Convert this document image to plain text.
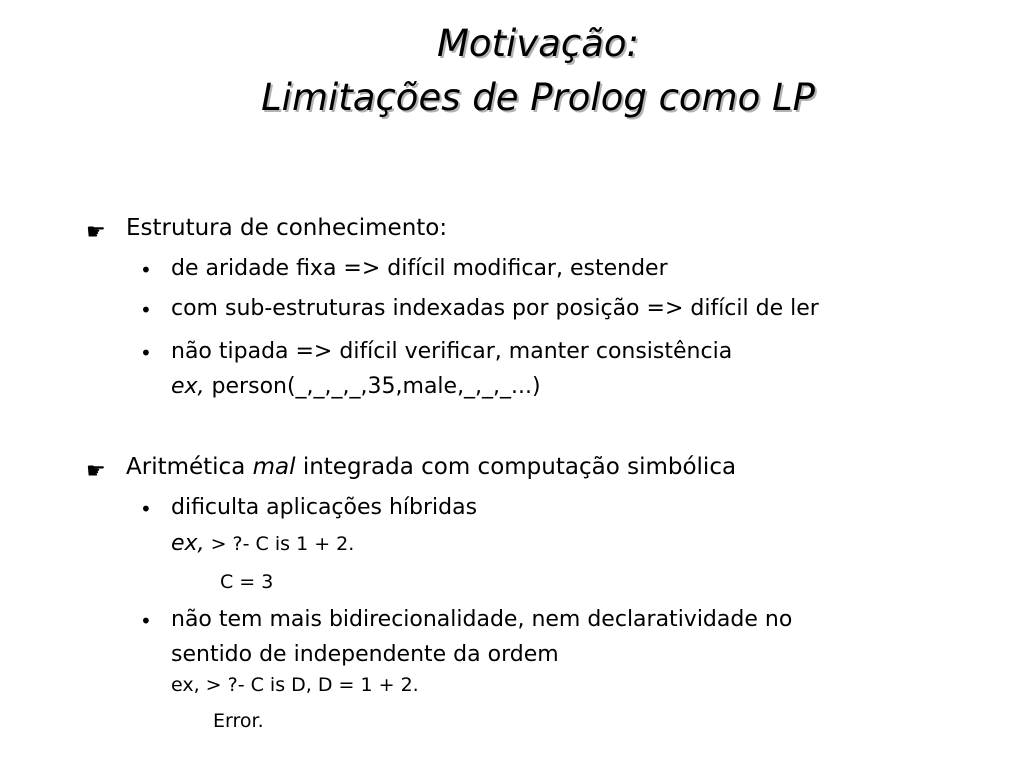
Motivação:
Limitações de Prolog como LP
☛ Estrutura de conhecimento:
• de aridade fixa => difícil modificar, estender
• com sub-estruturas indexadas por posição => difícil de ler
• não tipada => difícil verificar, manter consistência
ex, person(_,_,_,_,35,male,_,_,_...)
☛ Aritmética mal integrada com computação simbólica
• dificulta aplicações híbridas
ex, > ?- C is 1 + 2.
C = 3
• não tem mais bidirecionalidade, nem declaratividade no
sentido de independente da ordem
ex, > ?- C is D, D = 1 + 2.
Error.
